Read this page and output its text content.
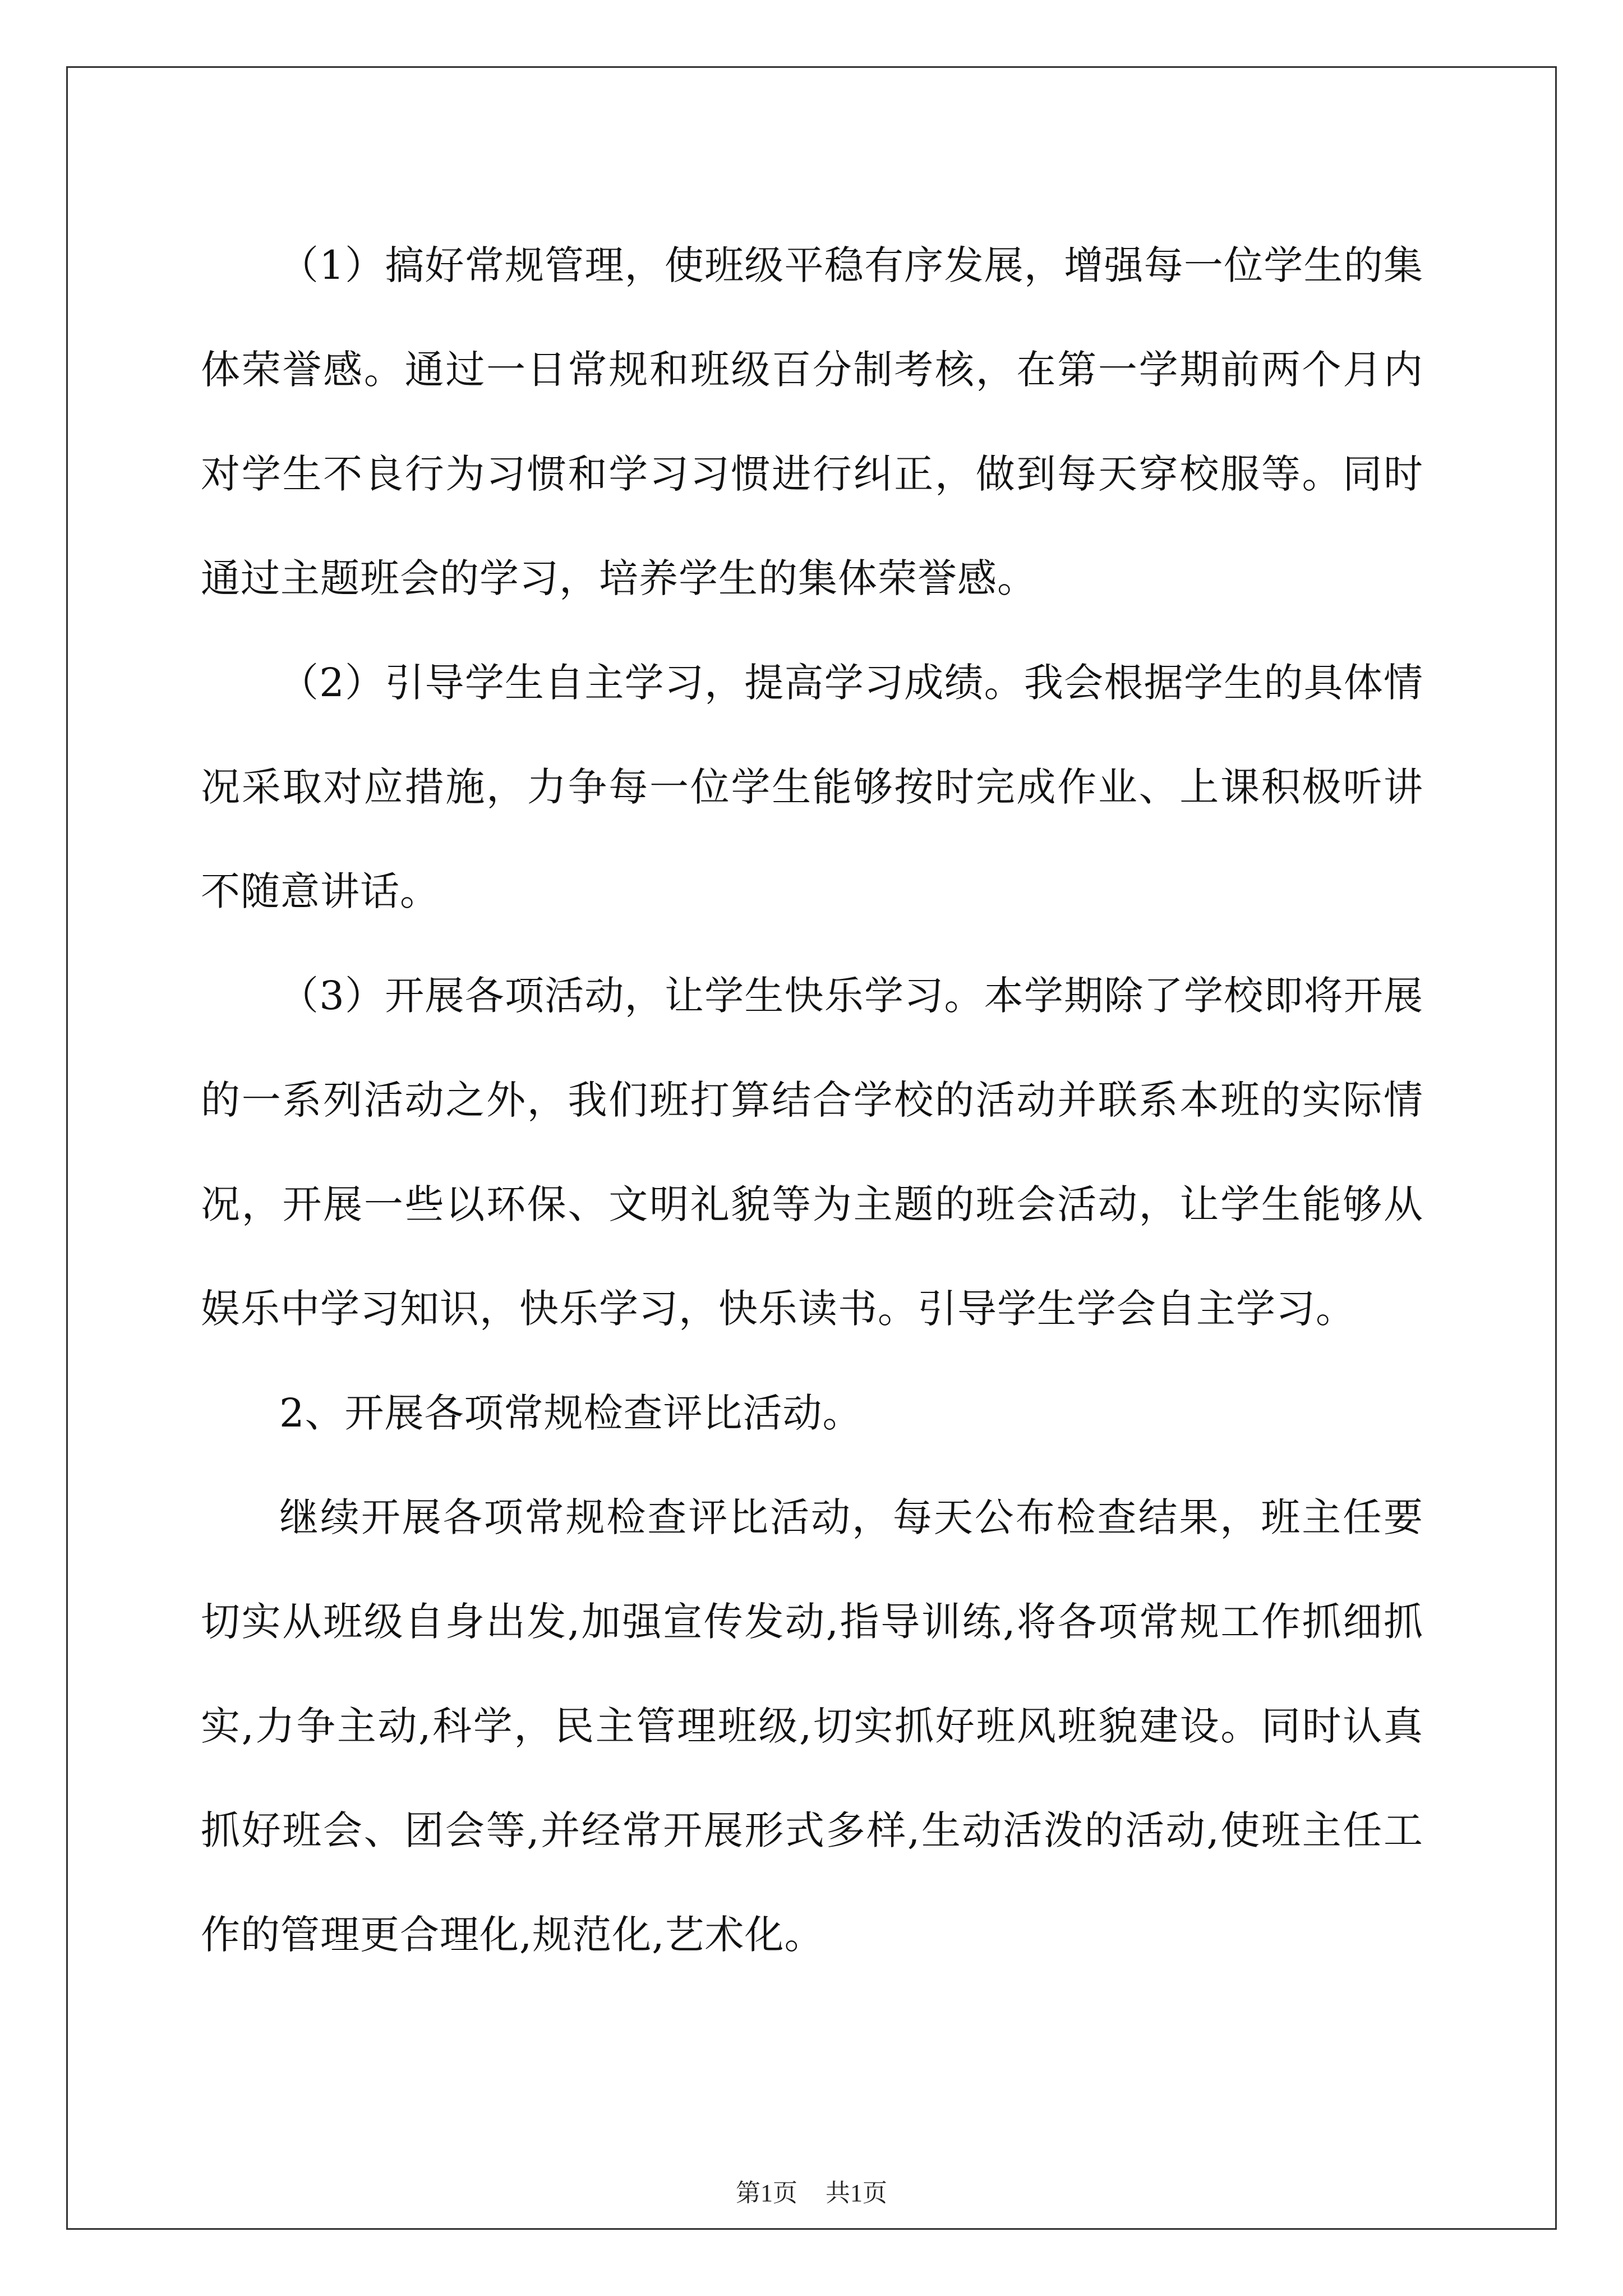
（1）搞好常规管理，使班级平稳有序发展，增强每一位学生的集体荣誉感。通过一日常规和班级百分制考核，在第一学期前两个月内对学生不良行为习惯和学习习惯进行纠正，做到每天穿校服等。同时通过主题班会的学习，培养学生的集体荣誉感。

（2）引导学生自主学习，提高学习成绩。我会根据学生的具体情况采取对应措施，力争每一位学生能够按时完成作业、上课积极听讲不随意讲话。

（3）开展各项活动，让学生快乐学习。本学期除了学校即将开展的一系列活动之外，我们班打算结合学校的活动并联系本班的实际情况，开展一些以环保、文明礼貌等为主题的班会活动，让学生能够从娱乐中学习知识，快乐学习，快乐读书。引导学生学会自主学习。

2、开展各项常规检查评比活动。

继续开展各项常规检查评比活动，每天公布检查结果，班主任要切实从班级自身出发,加强宣传发动,指导训练,将各项常规工作抓细抓实,力争主动,科学，民主管理班级,切实抓好班风班貌建设。同时认真抓好班会、团会等,并经常开展形式多样,生动活泼的活动,使班主任工作的管理更合理化,规范化,艺术化。

第1页 共1页
